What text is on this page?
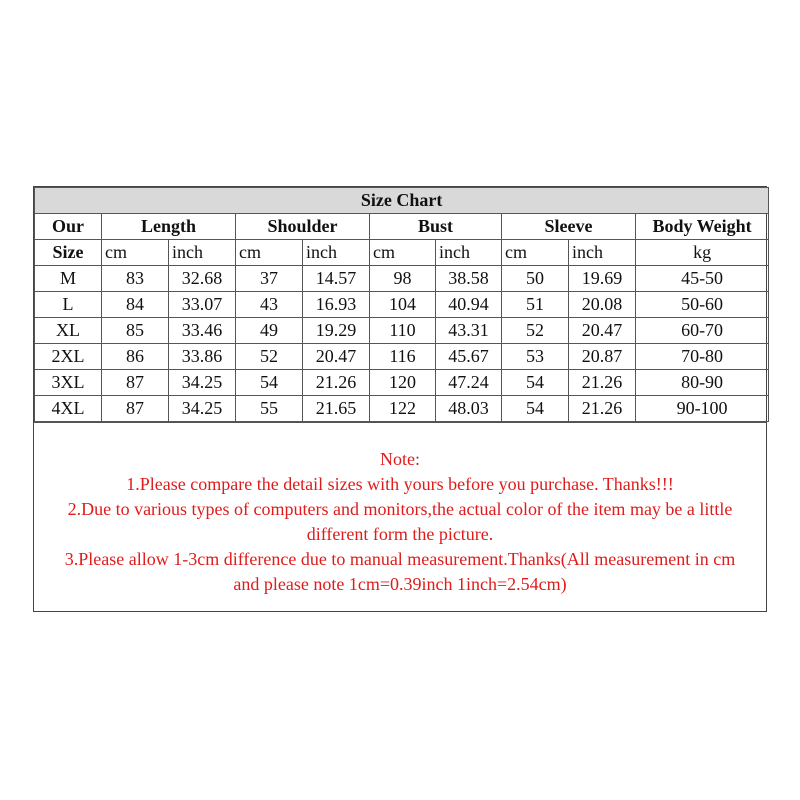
Size Chart									
Our	Length		Shoulder		Bust		Sleeve		Body Weight
Size	cm	inch	cm	inch	cm	inch	cm	inch	kg
M	83	32.68	37	14.57	98	38.58	50	19.69	45-50
L	84	33.07	43	16.93	104	40.94	51	20.08	50-60
XL	85	33.46	49	19.29	110	43.31	52	20.47	60-70
2XL	86	33.86	52	20.47	116	45.67	53	20.87	70-80
3XL	87	34.25	54	21.26	120	47.24	54	21.26	80-90
4XL	87	34.25	55	21.65	122	48.03	54	21.26	90-100
Note:
1.Please compare the detail sizes with yours before you purchase. Thanks!!!
2.Due to various types of computers and monitors,the actual color of the item may be a little
different form the picture.
3.Please allow 1-3cm difference due to manual measurement.Thanks(All measurement in cm
and please note 1cm=0.39inch 1inch=2.54cm)
